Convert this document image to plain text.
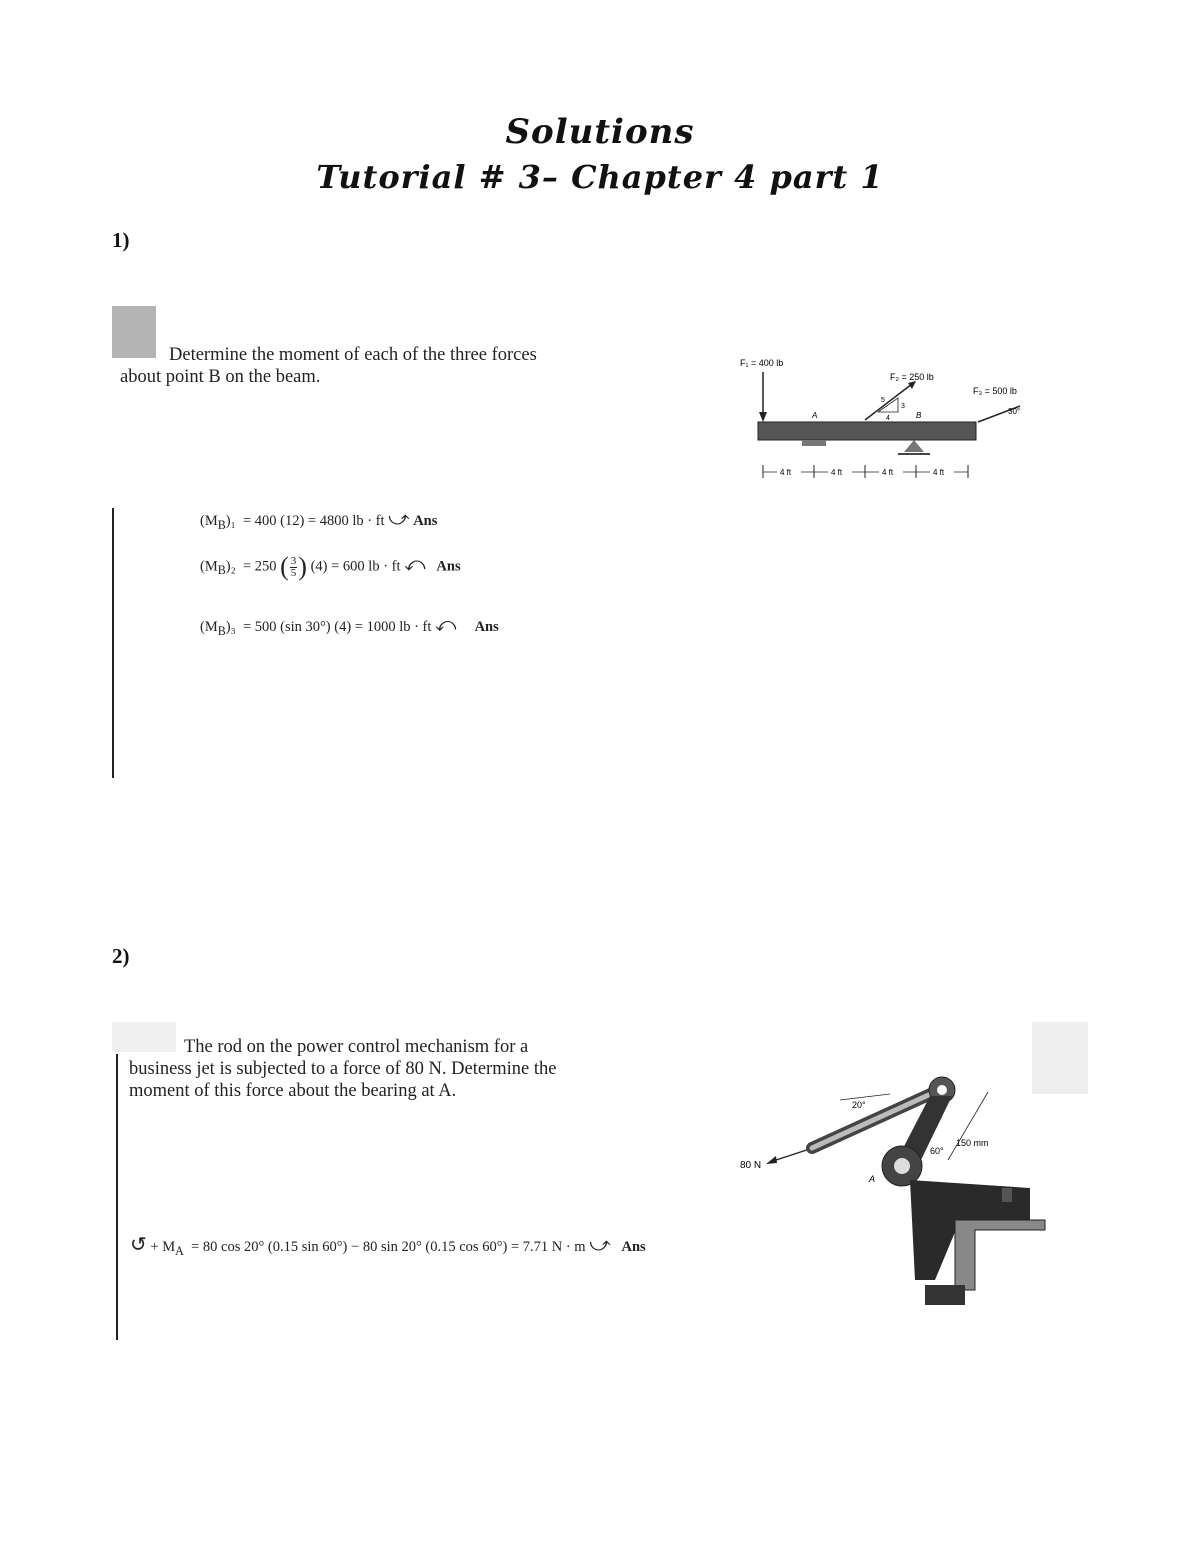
Solutions
Tutorial # 3– Chapter 4 part 1
1)
Determine the moment of each of the three forces
about point B on the beam.
$(M_B)_1 = 400$ (12) = 4800 lb · ft ⤻ Ans
$(M_B)_2 = 250$ ( $\frac{3}{5}$ ) (4) = 600 lb · ft ⤺ Ans
$(M_B)_3 = 500$ (sin 30°) (4) = 1000 lb · ft ⤺ Ans
F₁ = 400 lb
F₂ = 250 lb
5
3
4
F₃ = 500 lb
30°
A	B
4 ft	4 ft	4 ft	4 ft
2)
The rod on the power control mechanism for a
business jet is subjected to a force of 80 N. Determine the
moment of this force about the bearing at A.
↺ + $M_A = 80$ cos 20° (0.15 sin 60°) − 80 sin 20° (0.15 cos 60°) = 7.71 N · m ⤻ Ans
80 N
20°
A
60°
150 mm
